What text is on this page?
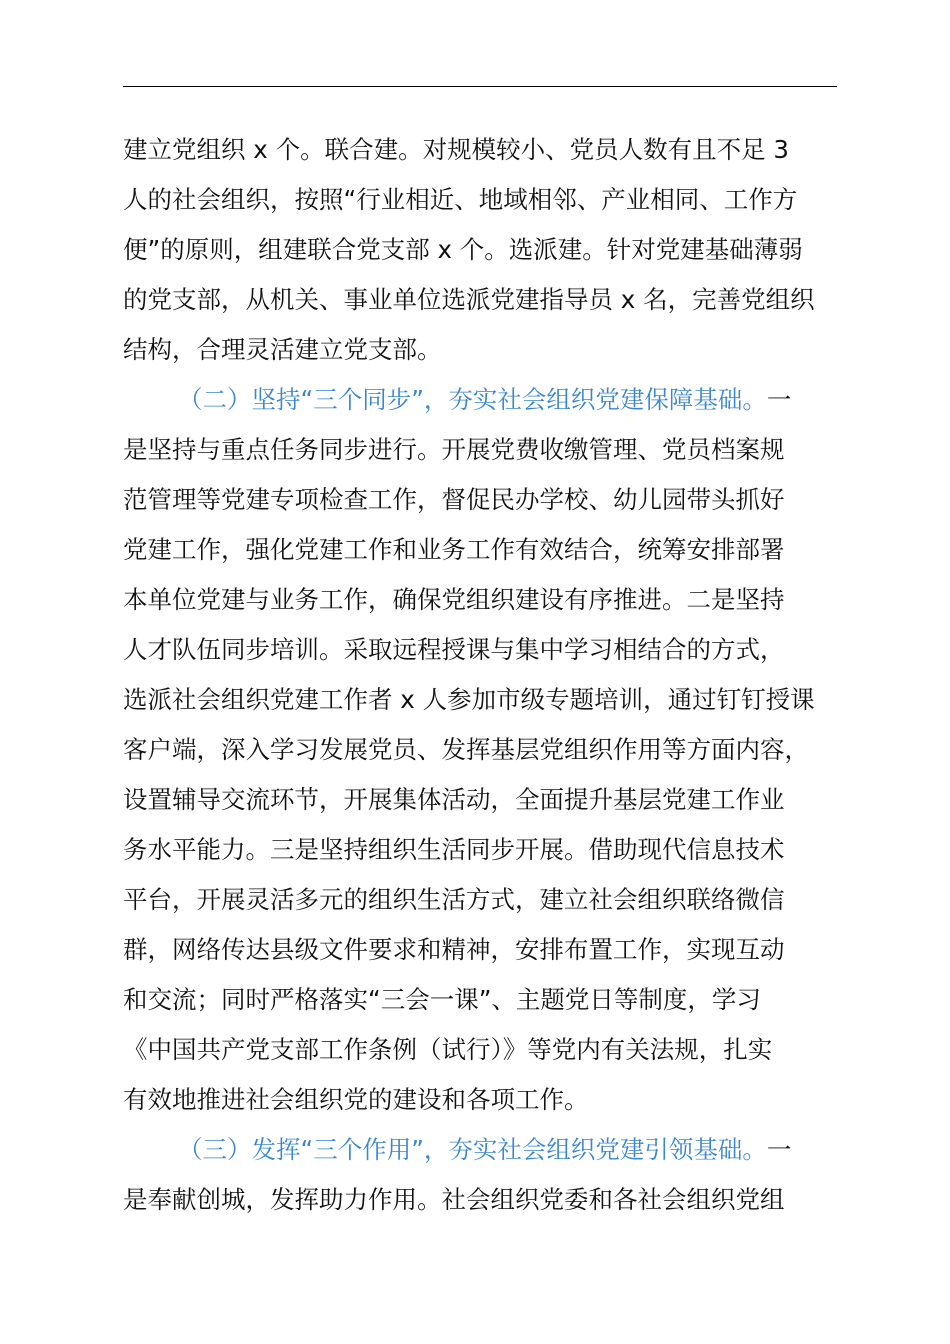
建立党组织 x 个。联合建。对规模较小、党员人数有且不足 3
人的社会组织，按照“行业相近、地域相邻、产业相同、工作方
便”的原则，组建联合党支部 x 个。选派建。针对党建基础薄弱
的党支部，从机关、事业单位选派党建指导员 x 名，完善党组织
结构，合理灵活建立党支部。
（二）坚持“三个同步”，夯实社会组织党建保障基础。一
是坚持与重点任务同步进行。开展党费收缴管理、党员档案规
范管理等党建专项检查工作，督促民办学校、幼儿园带头抓好
党建工作，强化党建工作和业务工作有效结合，统筹安排部署
本单位党建与业务工作，确保党组织建设有序推进。二是坚持
人才队伍同步培训。采取远程授课与集中学习相结合的方式，
选派社会组织党建工作者 x 人参加市级专题培训，通过钉钉授课
客户端，深入学习发展党员、发挥基层党组织作用等方面内容，
设置辅导交流环节，开展集体活动，全面提升基层党建工作业
务水平能力。三是坚持组织生活同步开展。借助现代信息技术
平台，开展灵活多元的组织生活方式，建立社会组织联络微信
群，网络传达县级文件要求和精神，安排布置工作，实现互动
和交流；同时严格落实“三会一课”、主题党日等制度，学习
《中国共产党支部工作条例（试行）》等党内有关法规，扎实
有效地推进社会组织党的建设和各项工作。
（三）发挥“三个作用”，夯实社会组织党建引领基础。一
是奉献创城，发挥助力作用。社会组织党委和各社会组织党组
